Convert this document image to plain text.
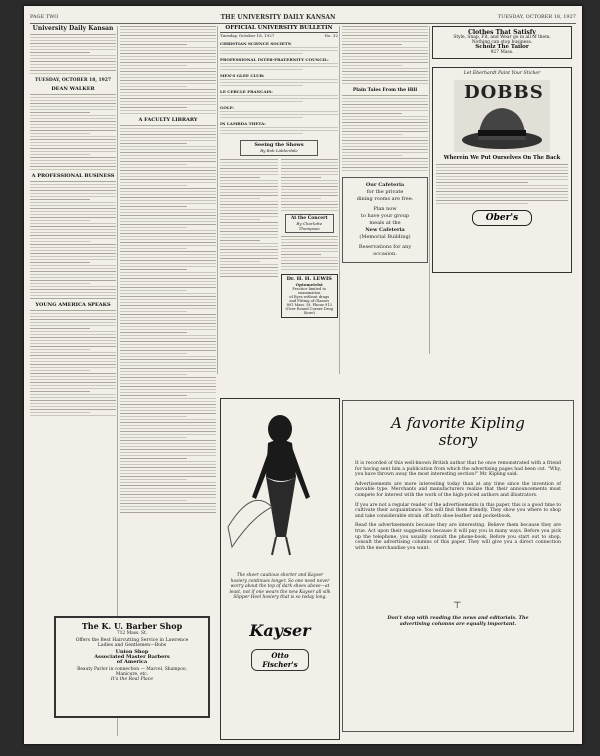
PAGE TWO	THE UNIVERSITY DAILY KANSAN	TUESDAY, OCTOBER 18, 1927
University Daily Kansan
TUESDAY, OCTOBER 18, 1927
DEAN WALKER
A PROFESSIONAL BUSINESS
YOUNG AMERICA SPEAKS
A FACULTY LIBRARY
OFFICIAL UNIVERSITY BULLETIN
Tuesday, October 18, 1927	No. 32
CHRISTIAN SCIENCE SOCIETY:
PROFESSIONAL INTER-FRATERNITY COUNCIL:
MEN'S GLEE CLUB:
LE CERCLE FRANCAIS:
GOLF:
IN LAMBDA THETA:
Seeing the Shows
By Bob Lidderdale
At the Concert
By Charlotte Thompson
Dr. H. H. LEWIS
Optometrist
Practice limited to examination
of Eyes without drugs
and Fitting of Glasses
801 Mass. St. Phone 913
(Over Round Corner Drug Store)
Plain Tales From the Hill
Our Cafeteria
for the private
dining rooms are free.
Plan now
to have your group
meals at the
New Cafeteria
(Memorial Building)
Reservations for any
occasion.
Clothes That Satisfy
Style, Snap, Fit, and Wear go in all of them.
Nothing can stop business.
Scholz The Tailor
927 Mass.
Let Eberhardt Paint Your Sticker
DOBBS
Wherein We Put Ourselves On The Back
Ober's
The K. U. Barber Shop
712 Mass. St.
Offers the Best Haircutting Service in Lawrence
Ladies and Gentlemen—Bobs
Union Shop
Associated Master Barbers
of America
Beauty Parlor in connection — Marcel, Shampoo,
Manicure, etc.
It's the Real Place
The sheer cautious shorter and Kayser hosiery continues longer. So one need never worry about the top of dark shoes above—at least, not if one wears the new Kayser all silk Slipper Heel hosiery that is so today long.
Kayser
Otto Fischer's
A favorite Kipling
story

It is recorded of this well-known British author that he once remonstrated with a friend for having sent him a publication from which the advertising pages had been cut. "Why, you have thrown away the most interesting section!" Mr. Kipling said.

Advertisements are more interesting today than at any time since the invention of movable type. Merchants and manufacturers realize that their announcements must compete for interest with the work of the high-priced authors and illustrators.

If you are not a regular reader of the advertisements in this paper, this is a good time to cultivate their acquaintance. You will find them friendly. They show you where to shop and take considerable strain off both shoe-leather and pocketbook.

Read the advertisements because they are interesting. Believe them because they are true. Act upon their suggestions because it will pay you in many ways. Before you pick up the telephone, you usually consult the phone-book. Before you start out to shop, consult the advertising columns of this paper. They will give you a direct connection with the merchandise you want.

⊤
Don't stop with reading the news and editorials. The
advertising columns are equally important.
